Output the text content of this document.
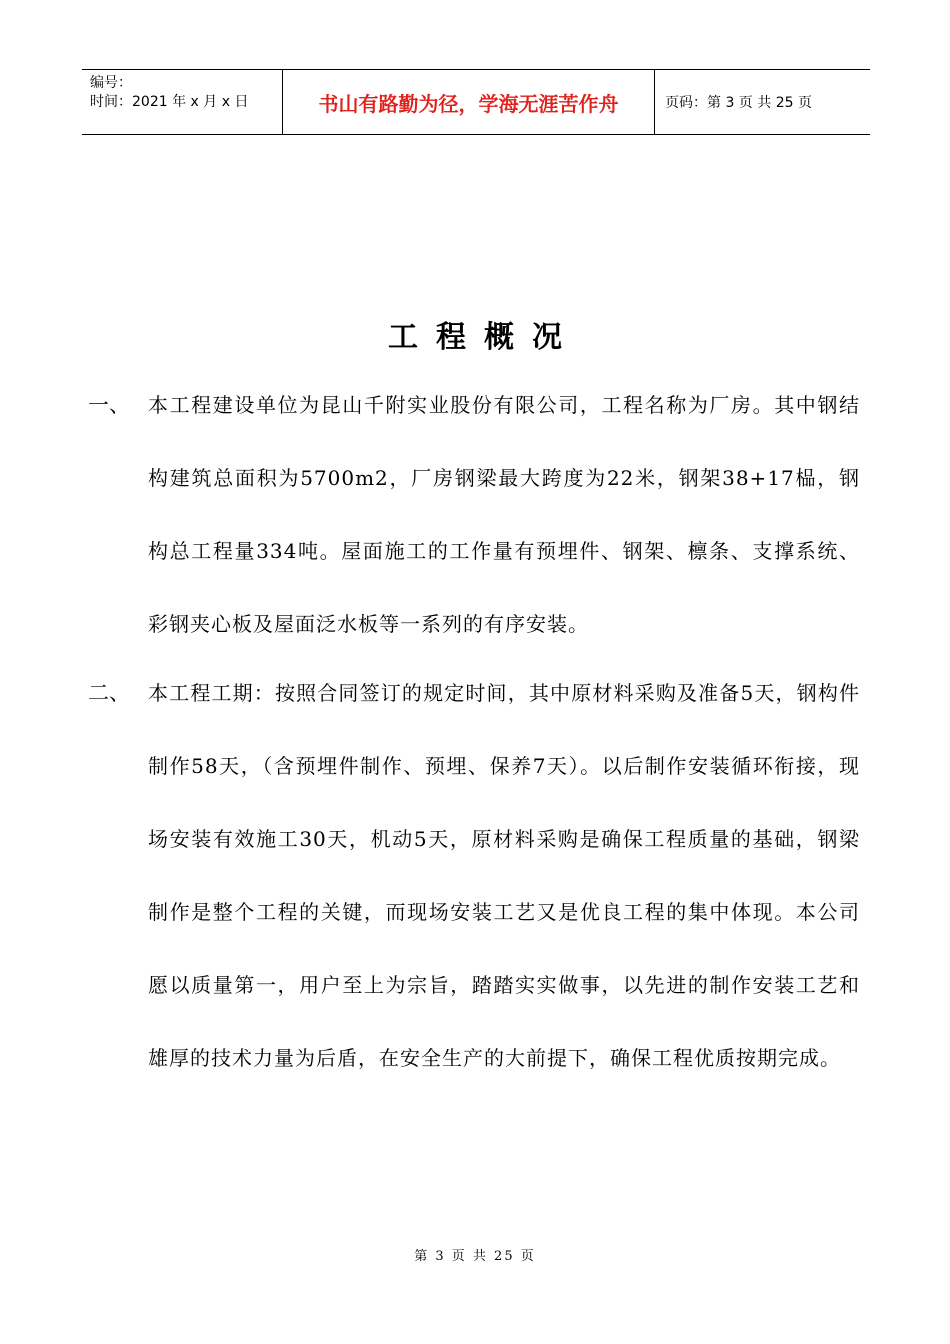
编号：
时间：2021 年 x 月 x 日	书山有路勤为径，学海无涯苦作舟	页码：第 3 页 共 25 页
工程概况
一、 本工程建设单位为昆山千附实业股份有限公司，工程名称为厂房。其中钢结构建筑总面积为5700m2，厂房钢梁最大跨度为22米，钢架38+17榀，钢构总工程量334吨。屋面施工的工作量有预埋件、钢架、檩条、支撑系统、彩钢夹心板及屋面泛水板等一系列的有序安装。
二、 本工程工期：按照合同签订的规定时间，其中原材料采购及准备5天，钢构件制作58天，（含预埋件制作、预埋、保养7天）。以后制作安装循环衔接，现场安装有效施工30天，机动5天，原材料采购是确保工程质量的基础，钢梁制作是整个工程的关键，而现场安装工艺又是优良工程的集中体现。本公司愿以质量第一，用户至上为宗旨，踏踏实实做事，以先进的制作安装工艺和雄厚的技术力量为后盾，在安全生产的大前提下，确保工程优质按期完成。
第 3 页 共 25 页
